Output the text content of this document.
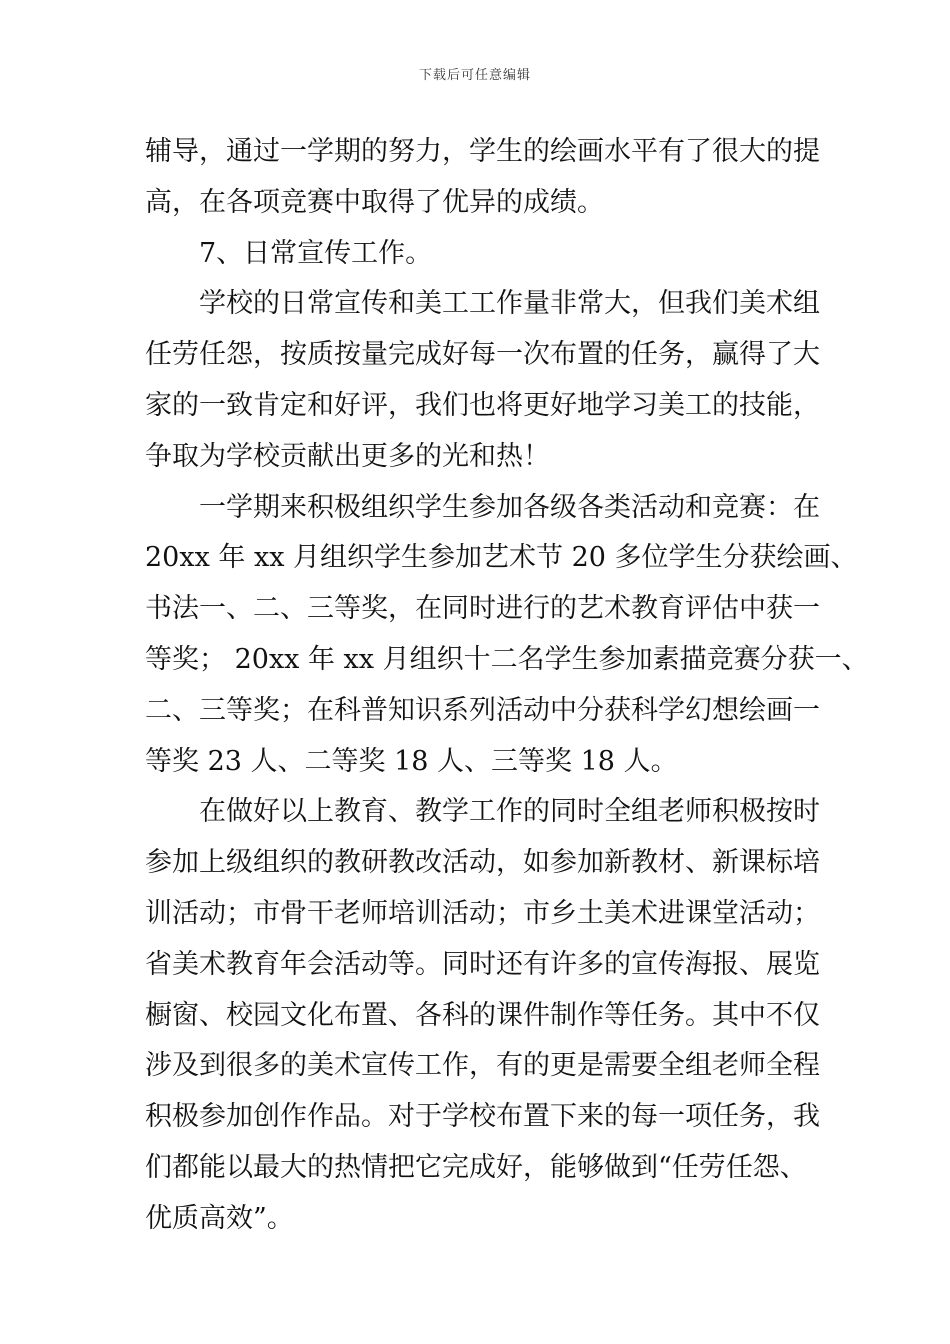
下载后可任意编辑
辅导，通过一学期的努力，学生的绘画水平有了很大的提
高，在各项竞赛中取得了优异的成绩。
7、日常宣传工作。
学校的日常宣传和美工工作量非常大，但我们美术组
任劳任怨，按质按量完成好每一次布置的任务，赢得了大
家的一致肯定和好评，我们也将更好地学习美工的技能，
争取为学校贡献出更多的光和热！
一学期来积极组织学生参加各级各类活动和竞赛：在
20xx 年 xx 月组织学生参加艺术节 20 多位学生分获绘画、
书法一、二、三等奖，在同时进行的艺术教育评估中获一
等奖； 20xx 年 xx 月组织十二名学生参加素描竞赛分获一、
二、三等奖；在科普知识系列活动中分获科学幻想绘画一
等奖 23 人、二等奖 18 人、三等奖 18 人。
在做好以上教育、教学工作的同时全组老师积极按时
参加上级组织的教研教改活动，如参加新教材、新课标培
训活动；市骨干老师培训活动；市乡土美术进课堂活动；
省美术教育年会活动等。同时还有许多的宣传海报、展览
橱窗、校园文化布置、各科的课件制作等任务。其中不仅
涉及到很多的美术宣传工作，有的更是需要全组老师全程
积极参加创作作品。对于学校布置下来的每一项任务，我
们都能以最大的热情把它完成好，能够做到“任劳任怨、
优质高效”。
